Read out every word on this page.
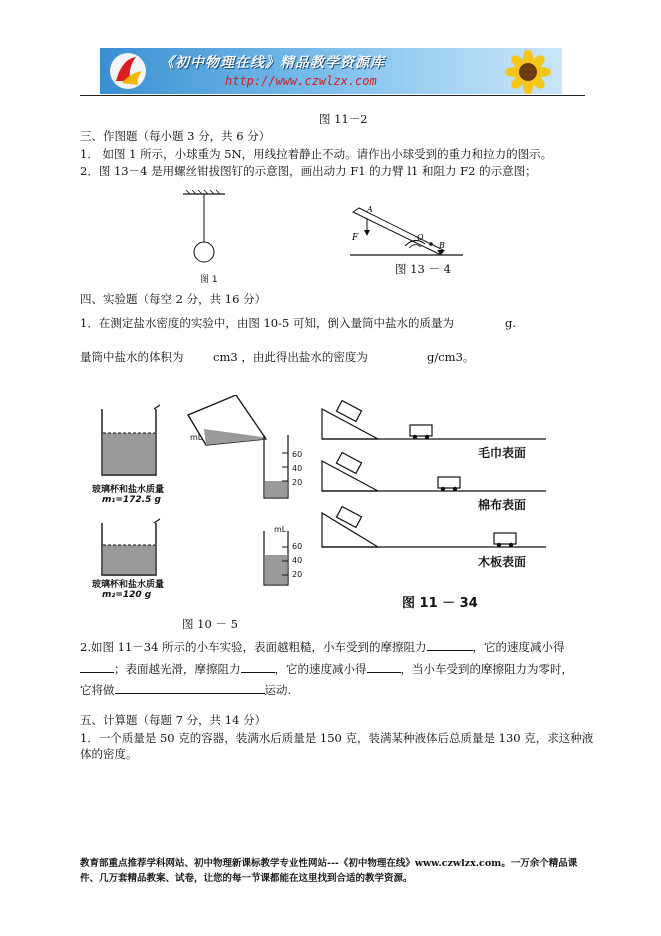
《初中物理在线》精品教学资源库
http://www.czwlzx.com
图 11－2
三、作图题（每小题 3 分，共 6 分）
1． 如图 1 所示，小球重为 5N，用线拉着静止不动。请作出小球受到的重力和拉力的图示。
2．图 13－4 是用螺丝钳拔图钉的示意图，画出动力 F1 的力臂 l1 和阻力 F2 的示意图；
图 1
A
F	O
B
图 13 － 4
四、实验题（每空 2 分，共 16 分）
1．在测定盐水密度的实验中，由图 10-5 可知，倒入量筒中盐水的质量为	g.
量筒中盐水的体积为	cm3 ，由此得出盐水的密度为	g/cm3。
mL
60
40
20
mL
60
40
20
玻璃杯和盐水质量
m₁=172.5 g
玻璃杯和盐水质量
m₂=120 g
图 10 － 5
毛巾表面
棉布表面
木板表面
图 11 － 34
2.如图 11－34 所示的小车实验，表面越粗糙，小车受到的摩擦阻力	，它的速度减小得
；表面越光滑，摩擦阻力	，它的速度减小得	，当小车受到的摩擦阻力为零时，
它将做	运动.
五、计算题（每题 7 分，共 14 分）
1．一个质量是 50 克的容器，装满水后质量是 150 克，装满某种液体后总质量是 130 克，求这种液
体的密度。
教育部重点推荐学科网站、初中物理新课标教学专业性网站---《初中物理在线》www.czwlzx.com。一万余个精品课
件、几万套精品教案、试卷，让您的每一节课都能在这里找到合适的教学资源。
